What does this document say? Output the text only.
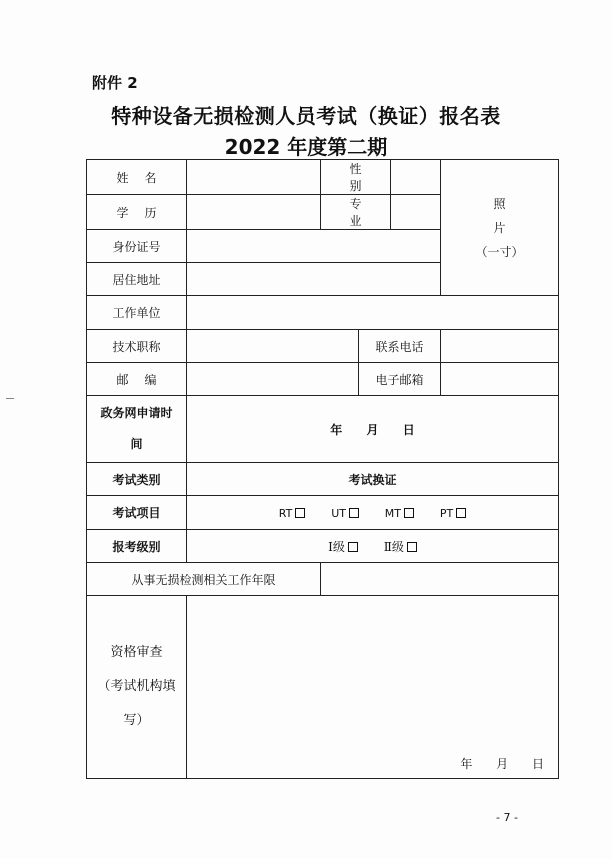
附件 2
特种设备无损检测人员考试（换证）报名表
2022 年度第二期
姓名		性别			照
片
（一寸）

学历		专业			
身份证号					
居住地址					
工作单位					
技术职称			联系电话		
邮编			电子邮箱		
政务网申请时
间	年 月 日				
考试类别	考试换证				
考试项目	RT UT MT PT				
报考级别	Ⅰ级 Ⅱ级				
从事无损检测相关工作年限					
资格审查
（考试机构填
写）	年 月 日				
- 7 -
